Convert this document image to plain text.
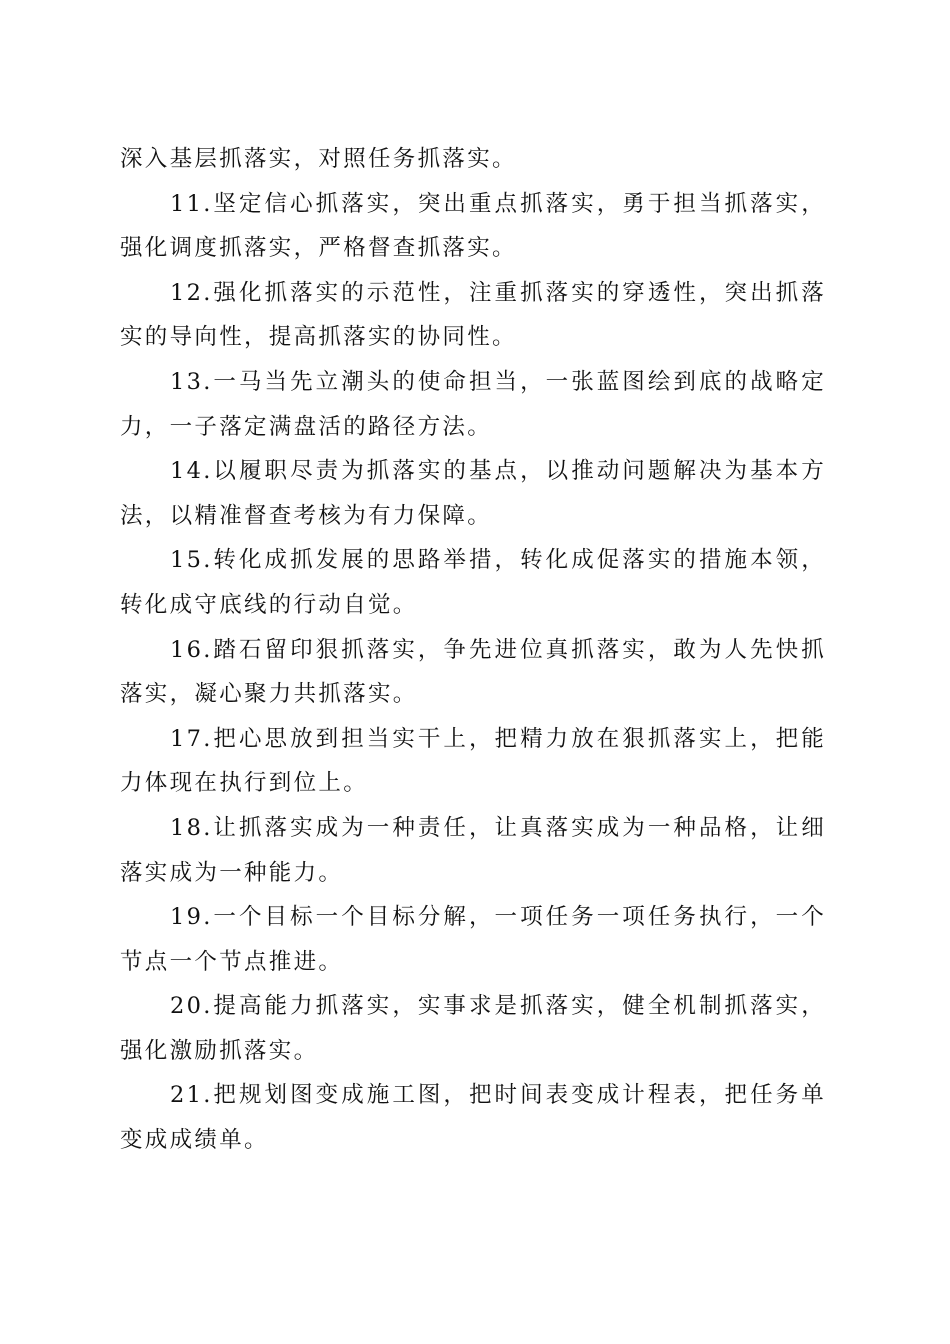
深入基层抓落实，对照任务抓落实。

11.坚定信心抓落实，突出重点抓落实，勇于担当抓落实，强化调度抓落实，严格督查抓落实。

12.强化抓落实的示范性，注重抓落实的穿透性，突出抓落实的导向性，提高抓落实的协同性。

13.一马当先立潮头的使命担当，一张蓝图绘到底的战略定力，一子落定满盘活的路径方法。

14.以履职尽责为抓落实的基点，以推动问题解决为基本方法，以精准督查考核为有力保障。

15.转化成抓发展的思路举措，转化成促落实的措施本领，转化成守底线的行动自觉。

16.踏石留印狠抓落实，争先进位真抓落实，敢为人先快抓落实，凝心聚力共抓落实。

17.把心思放到担当实干上，把精力放在狠抓落实上，把能力体现在执行到位上。

18.让抓落实成为一种责任，让真落实成为一种品格，让细落实成为一种能力。

19.一个目标一个目标分解，一项任务一项任务执行，一个节点一个节点推进。

20.提高能力抓落实，实事求是抓落实，健全机制抓落实，强化激励抓落实。

21.把规划图变成施工图，把时间表变成计程表，把任务单变成成绩单。
